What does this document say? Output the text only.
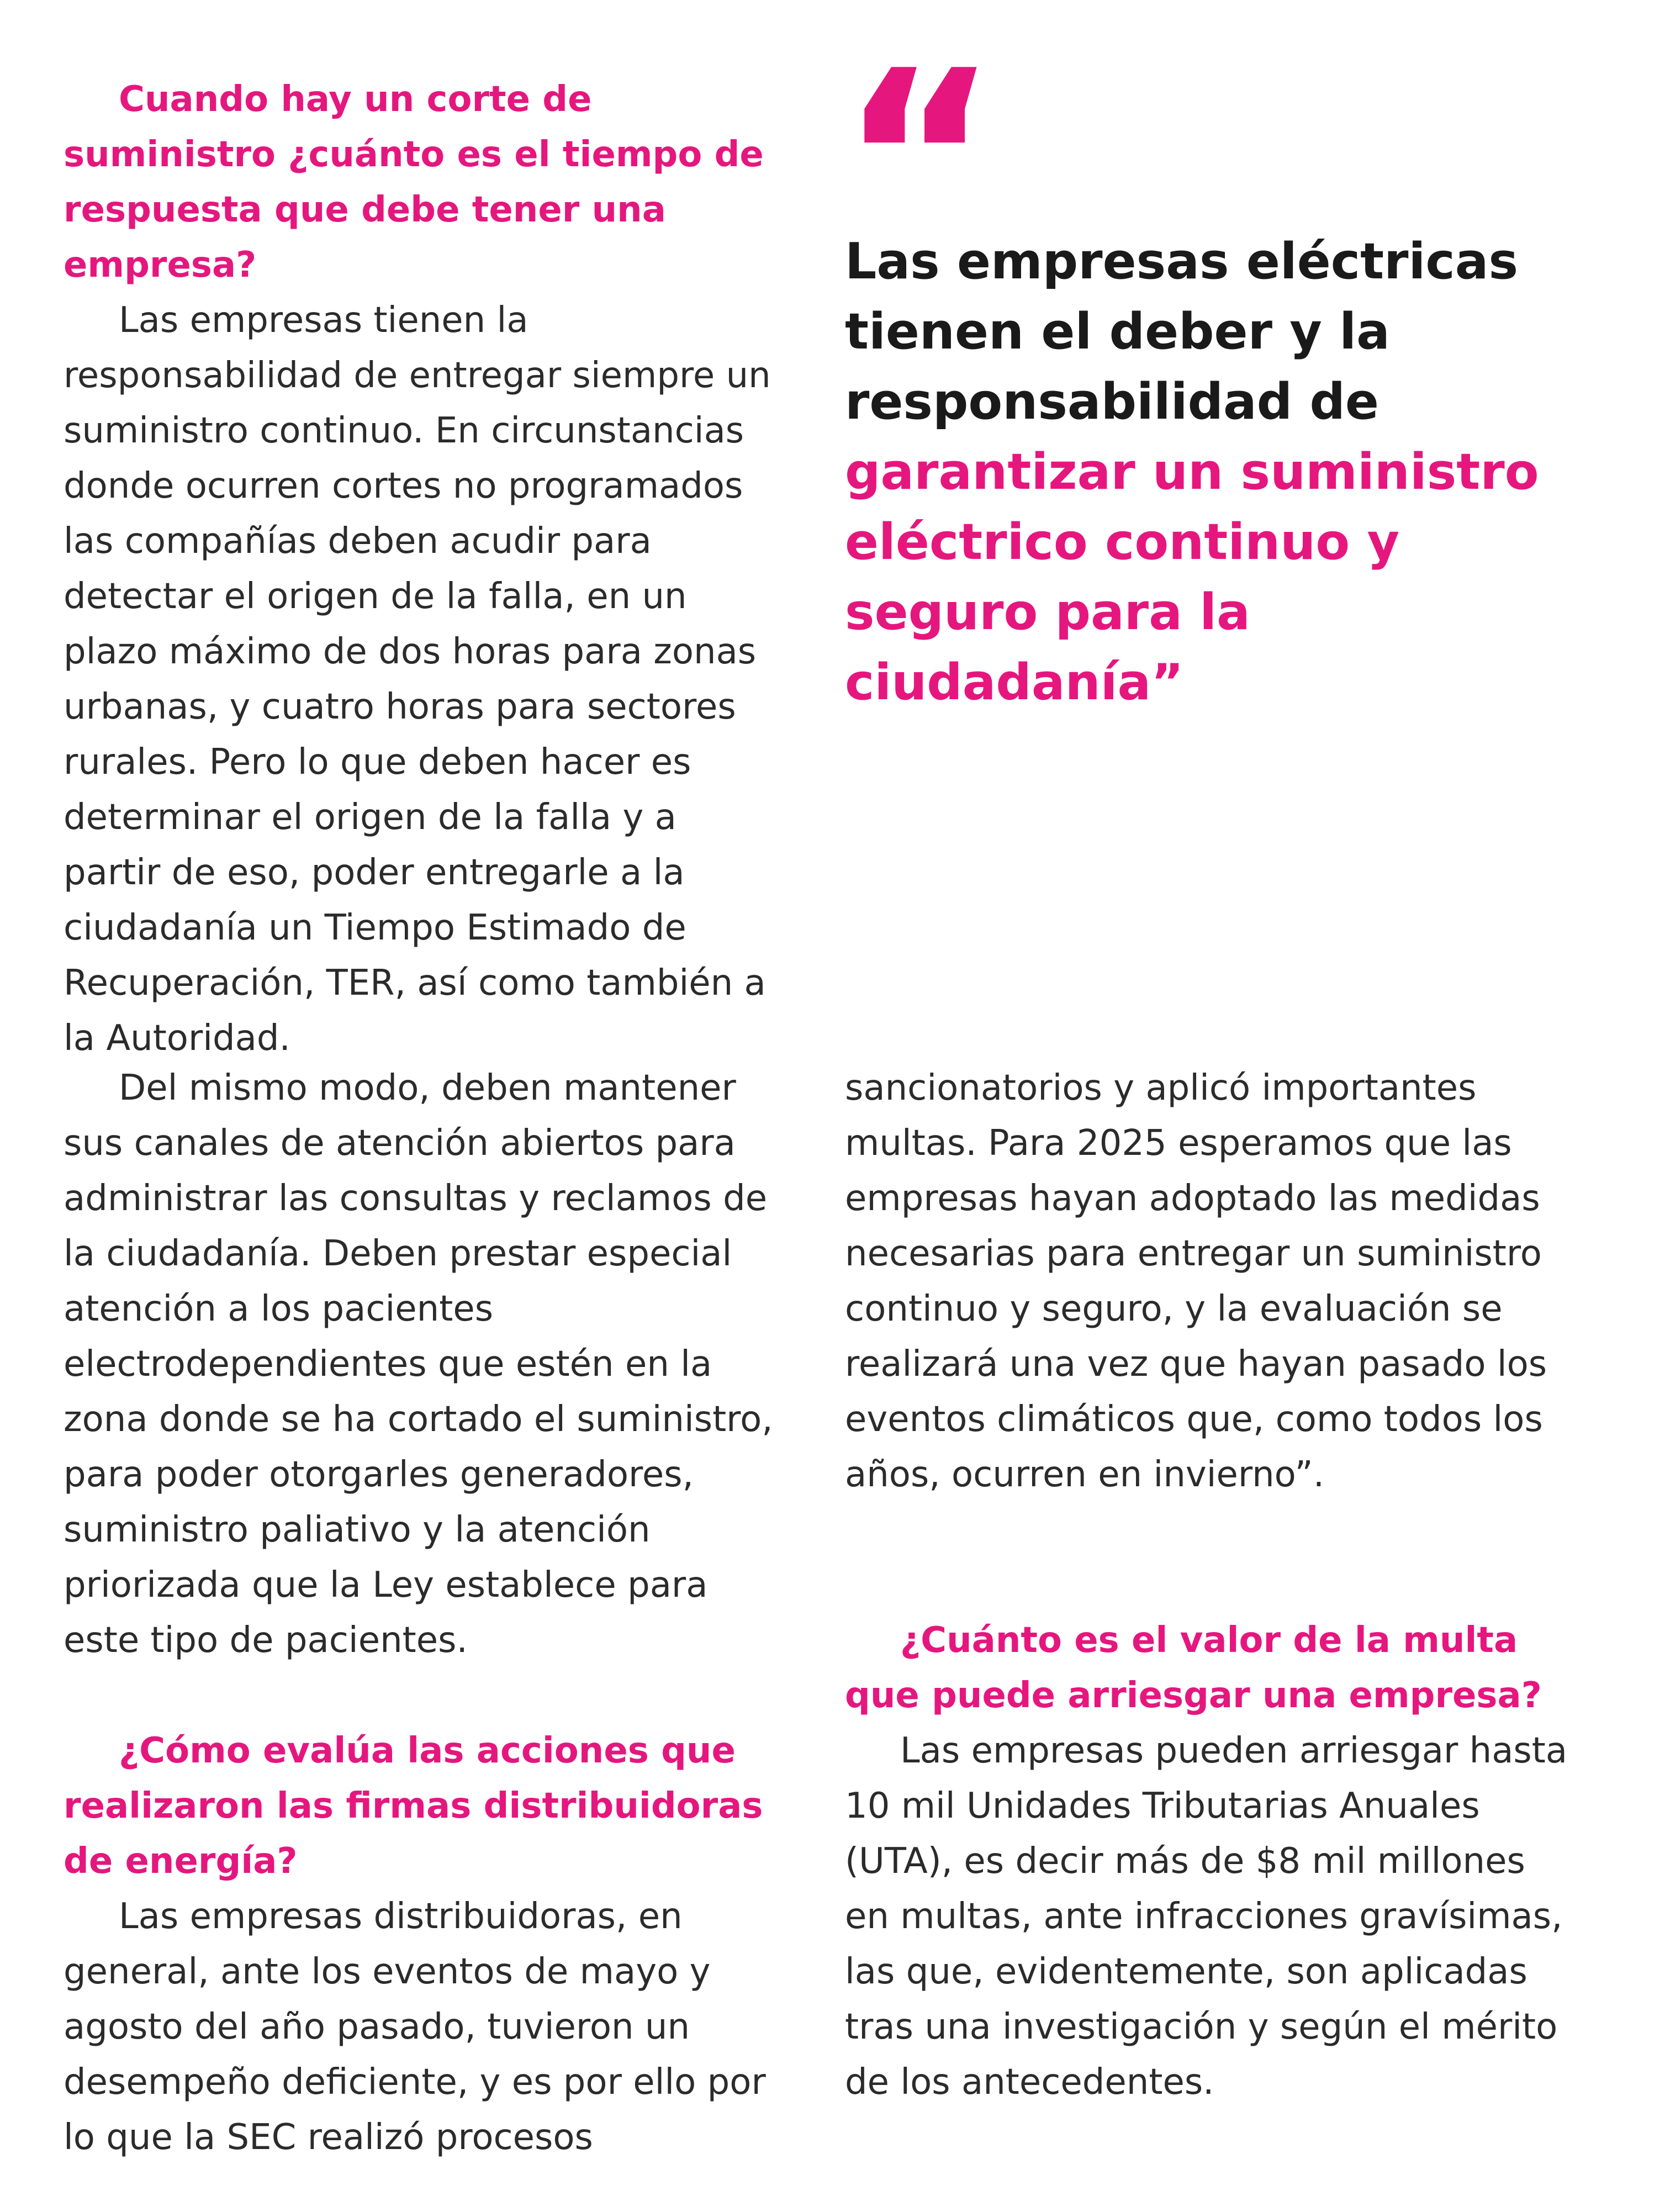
Cuando hay un corte de suministro ¿cuánto es el tiempo de respuesta que debe tener una empresa?

Las empresas tienen la responsabilidad de entregar siempre un suministro continuo. En circunstancias donde ocurren cortes no programados las compañías deben acudir para detectar el origen de la falla, en un plazo máximo de dos horas para zonas urbanas, y cuatro horas para sectores rurales. Pero lo que deben hacer es determinar el origen de la falla y a partir de eso, poder entregarle a la ciudadanía un Tiempo Estimado de Recuperación, TER, así como también a la Autoridad.

Del mismo modo, deben mantener sus canales de atención abiertos para administrar las consultas y reclamos de la ciudadanía. Deben prestar especial atención a los pacientes electrodependientes que estén en la zona donde se ha cortado el suministro, para poder otorgarles generadores, suministro paliativo y la atención priorizada que la Ley establece para este tipo de pacientes.

¿Cómo evalúa las acciones que realizaron las firmas distribuidoras de energía?

Las empresas distribuidoras, en general, ante los eventos de mayo y agosto del año pasado, tuvieron un desempeño deficiente, y es por ello por lo que la SEC realizó procesos

“

Las empresas eléctricas tienen el deber y la responsabilidad de garantizar un suministro eléctrico continuo y seguro para la ciudadanía”

sancionatorios y aplicó importantes multas. Para 2025 esperamos que las empresas hayan adoptado las medidas necesarias para entregar un suministro continuo y seguro, y la evaluación se realizará una vez que hayan pasado los eventos climáticos que, como todos los años, ocurren en invierno”.

¿Cuánto es el valor de la multa que puede arriesgar una empresa?

Las empresas pueden arriesgar hasta 10 mil Unidades Tributarias Anuales (UTA), es decir más de $8 mil millones en multas, ante infracciones gravísimas, las que, evidentemente, son aplicadas tras una investigación y según el mérito de los antecedentes.
